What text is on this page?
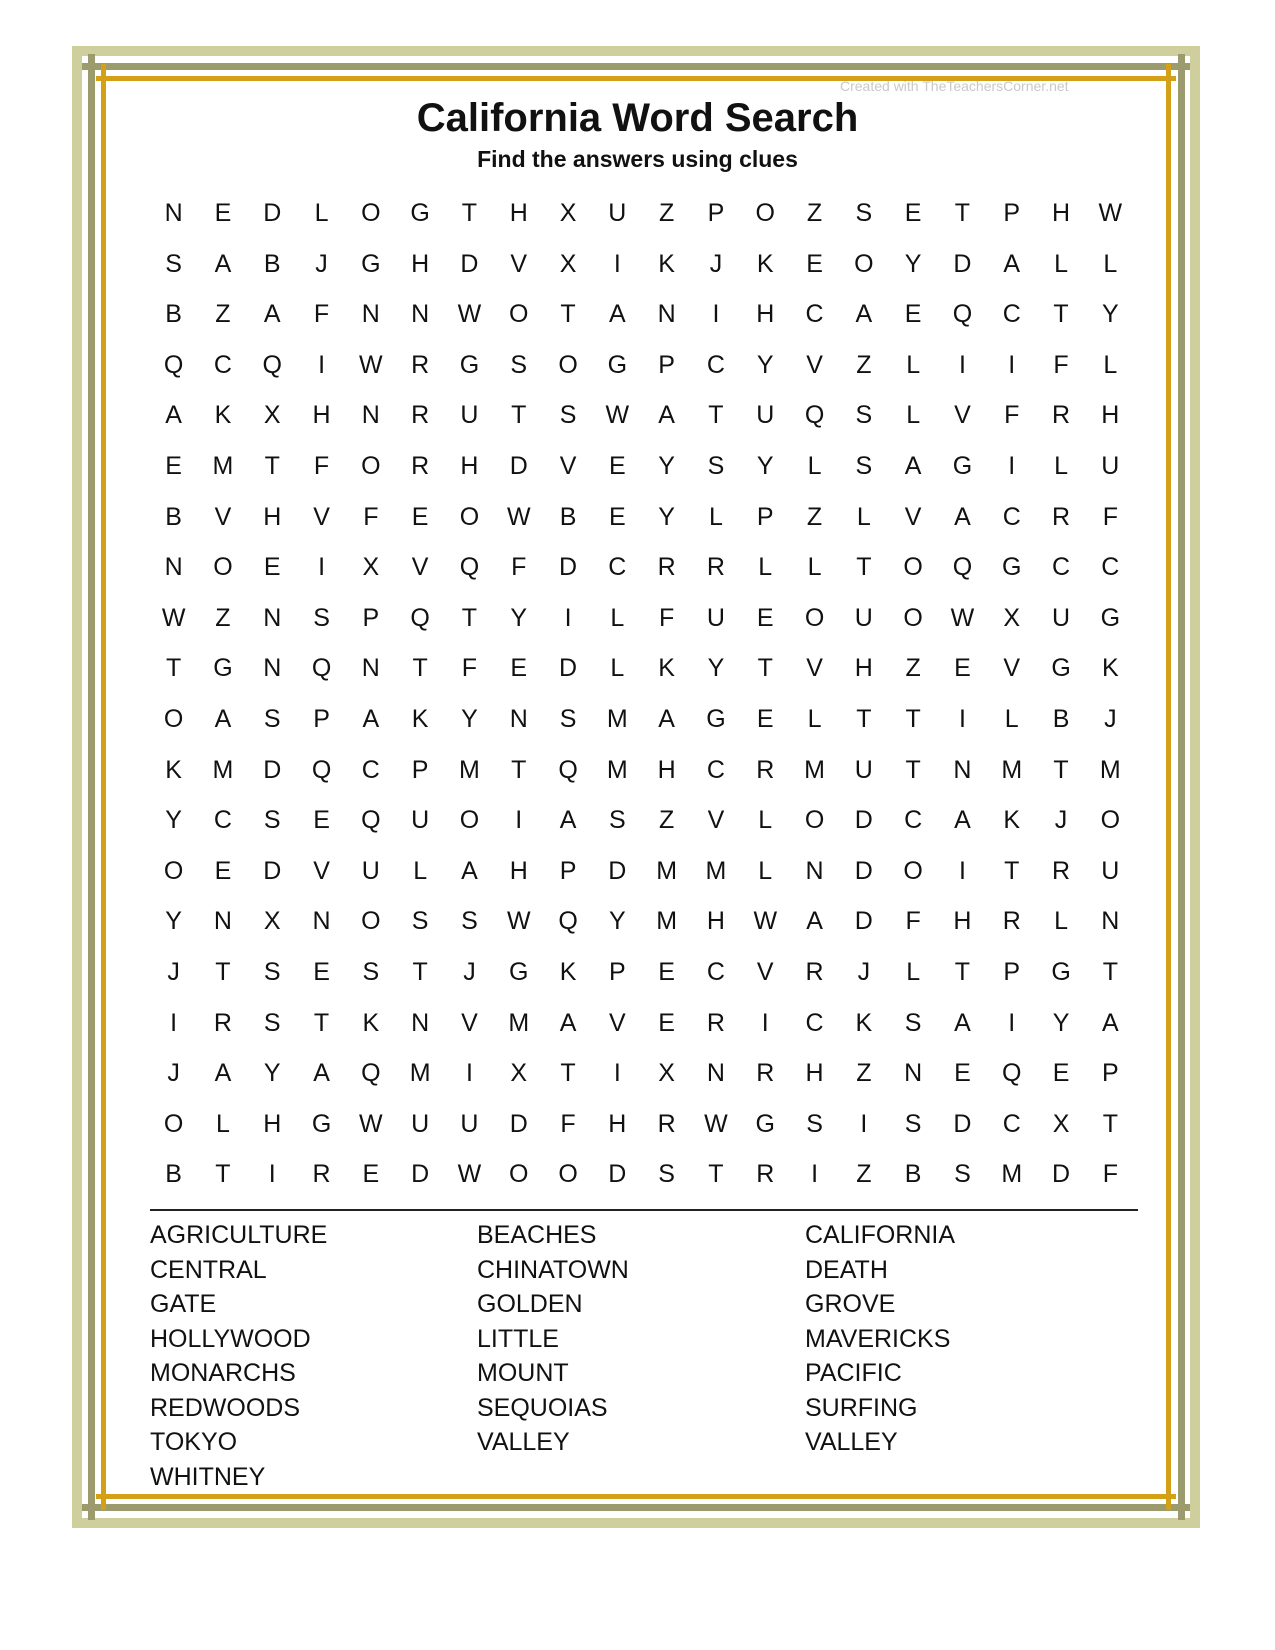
Created with TheTeachersCorner.net
California Word Search
Find the answers using clues
N	E	D	L	O	G	T	H	X	U	Z	P	O	Z	S	E	T	P	H	W
S	A	B	J	G	H	D	V	X	I	K	J	K	E	O	Y	D	A	L	L
B	Z	A	F	N	N	W	O	T	A	N	I	H	C	A	E	Q	C	T	Y
Q	C	Q	I	W	R	G	S	O	G	P	C	Y	V	Z	L	I	I	F	L
A	K	X	H	N	R	U	T	S	W	A	T	U	Q	S	L	V	F	R	H
E	M	T	F	O	R	H	D	V	E	Y	S	Y	L	S	A	G	I	L	U
B	V	H	V	F	E	O	W	B	E	Y	L	P	Z	L	V	A	C	R	F
N	O	E	I	X	V	Q	F	D	C	R	R	L	L	T	O	Q	G	C	C
W	Z	N	S	P	Q	T	Y	I	L	F	U	E	O	U	O	W	X	U	G
T	G	N	Q	N	T	F	E	D	L	K	Y	T	V	H	Z	E	V	G	K
O	A	S	P	A	K	Y	N	S	M	A	G	E	L	T	T	I	L	B	J
K	M	D	Q	C	P	M	T	Q	M	H	C	R	M	U	T	N	M	T	M
Y	C	S	E	Q	U	O	I	A	S	Z	V	L	O	D	C	A	K	J	O
O	E	D	V	U	L	A	H	P	D	M	M	L	N	D	O	I	T	R	U
Y	N	X	N	O	S	S	W	Q	Y	M	H	W	A	D	F	H	R	L	N
J	T	S	E	S	T	J	G	K	P	E	C	V	R	J	L	T	P	G	T
I	R	S	T	K	N	V	M	A	V	E	R	I	C	K	S	A	I	Y	A
J	A	Y	A	Q	M	I	X	T	I	X	N	R	H	Z	N	E	Q	E	P
O	L	H	G	W	U	U	D	F	H	R	W	G	S	I	S	D	C	X	T
B	T	I	R	E	D	W	O	O	D	S	T	R	I	Z	B	S	M	D	F
AGRICULTURE
CENTRAL
GATE
HOLLYWOOD
MONARCHS
REDWOODS
TOKYO
WHITNEY
BEACHES
CHINATOWN
GOLDEN
LITTLE
MOUNT
SEQUOIAS
VALLEY
CALIFORNIA
DEATH
GROVE
MAVERICKS
PACIFIC
SURFING
VALLEY
